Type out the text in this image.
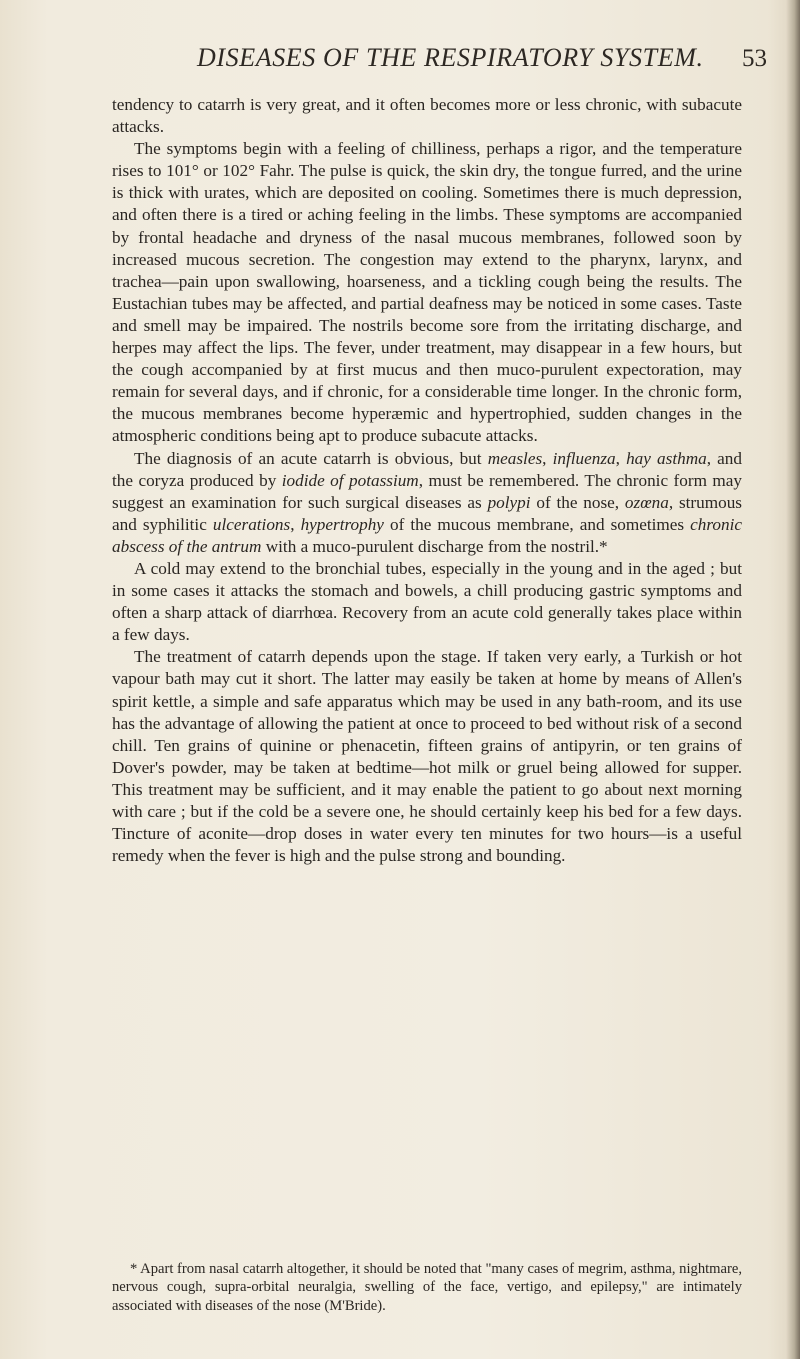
DISEASES OF THE RESPIRATORY SYSTEM. 53

tendency to catarrh is very great, and it often becomes more or less chronic, with subacute attacks.

The symptoms begin with a feeling of chilliness, perhaps a rigor, and the temperature rises to 101° or 102° Fahr. The pulse is quick, the skin dry, the tongue furred, and the urine is thick with urates, which are deposited on cooling. Sometimes there is much depression, and often there is a tired or aching feeling in the limbs. These symptoms are accompanied by frontal headache and dryness of the nasal mucous membranes, followed soon by increased mucous secretion. The congestion may extend to the pharynx, larynx, and trachea—pain upon swallowing, hoarseness, and a tickling cough being the results. The Eustachian tubes may be affected, and partial deafness may be noticed in some cases. Taste and smell may be impaired. The nostrils become sore from the irritating discharge, and herpes may affect the lips. The fever, under treatment, may disappear in a few hours, but the cough accompanied by at first mucus and then muco-purulent expectoration, may remain for several days, and if chronic, for a considerable time longer. In the chronic form, the mucous membranes become hyperæmic and hypertrophied, sudden changes in the atmospheric conditions being apt to produce subacute attacks.

The diagnosis of an acute catarrh is obvious, but measles, influenza, hay asthma, and the coryza produced by iodide of potassium, must be remembered. The chronic form may suggest an examination for such surgical diseases as polypi of the nose, ozœna, strumous and syphilitic ulcerations, hypertrophy of the mucous membrane, and sometimes chronic abscess of the antrum with a muco-purulent discharge from the nostril.*

A cold may extend to the bronchial tubes, especially in the young and in the aged ; but in some cases it attacks the stomach and bowels, a chill producing gastric symptoms and often a sharp attack of diarrhœa. Recovery from an acute cold generally takes place within a few days.

The treatment of catarrh depends upon the stage. If taken very early, a Turkish or hot vapour bath may cut it short. The latter may easily be taken at home by means of Allen's spirit kettle, a simple and safe apparatus which may be used in any bath-room, and its use has the advantage of allowing the patient at once to proceed to bed without risk of a second chill. Ten grains of quinine or phenacetin, fifteen grains of antipyrin, or ten grains of Dover's powder, may be taken at bedtime—hot milk or gruel being allowed for supper. This treatment may be sufficient, and it may enable the patient to go about next morning with care ; but if the cold be a severe one, he should certainly keep his bed for a few days. Tincture of aconite—drop doses in water every ten minutes for two hours—is a useful remedy when the fever is high and the pulse strong and bounding.

* Apart from nasal catarrh altogether, it should be noted that "many cases of megrim, asthma, nightmare, nervous cough, supra-orbital neuralgia, swelling of the face, vertigo, and epilepsy," are intimately associated with diseases of the nose (M'Bride).
